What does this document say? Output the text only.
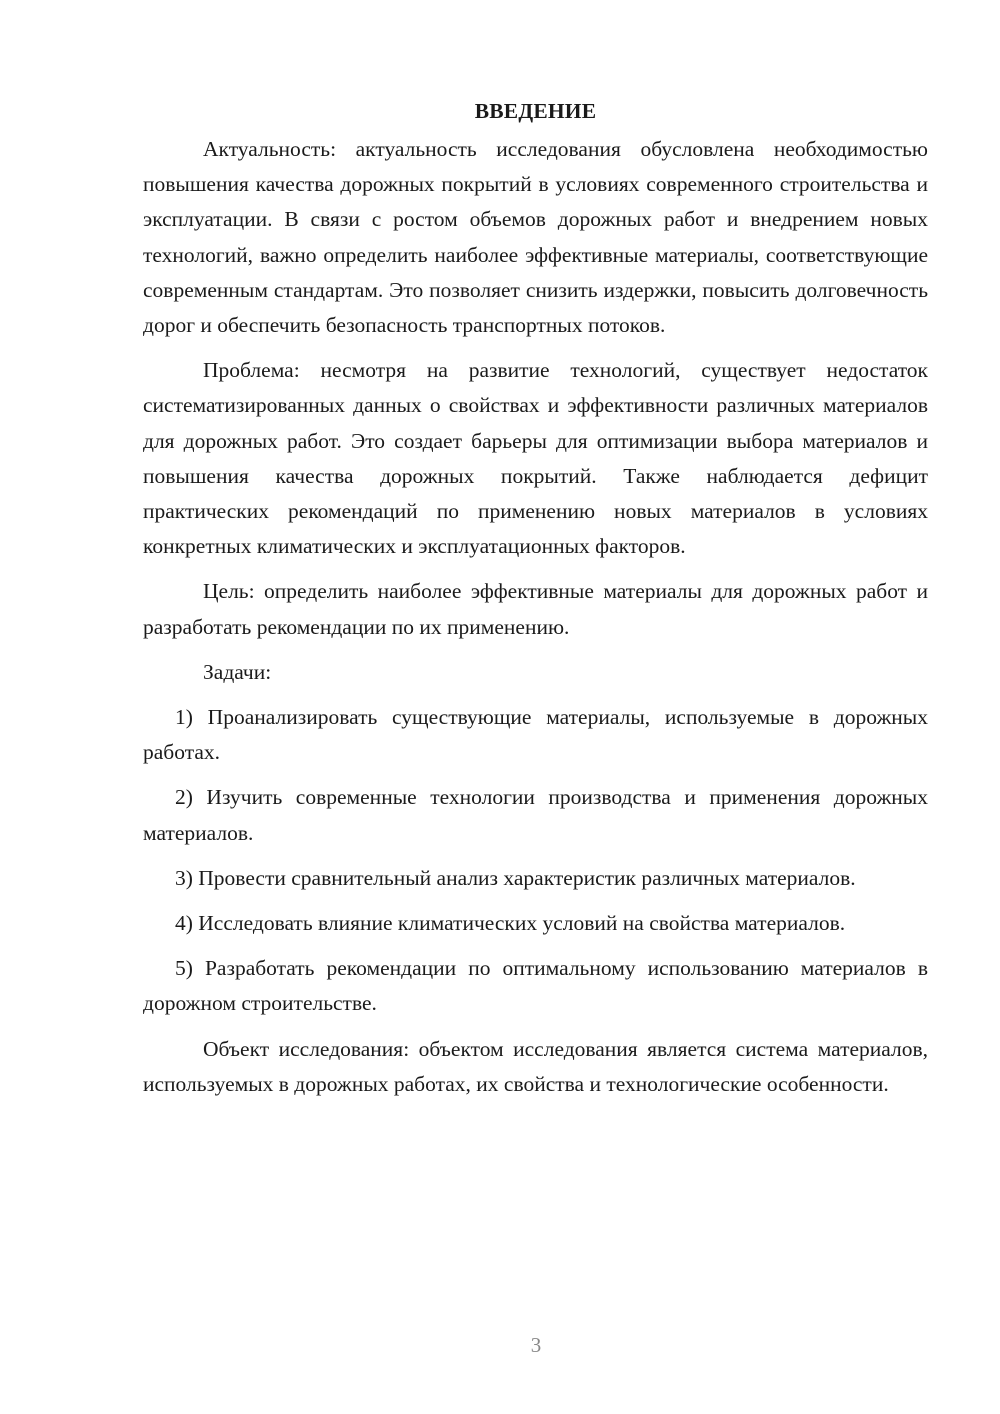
ВВЕДЕНИЕ

Актуальность: актуальность исследования обусловлена необходимостью повышения качества дорожных покрытий в условиях современного строительства и эксплуатации. В связи с ростом объемов дорожных работ и внедрением новых технологий, важно определить наиболее эффективные материалы, соответствующие современным стандартам. Это позволяет снизить издержки, повысить долговечность дорог и обеспечить безопасность транспортных потоков.

Проблема: несмотря на развитие технологий, существует недостаток систематизированных данных о свойствах и эффективности различных материалов для дорожных работ. Это создает барьеры для оптимизации выбора материалов и повышения качества дорожных покрытий. Также наблюдается дефицит практических рекомендаций по применению новых материалов в условиях конкретных климатических и эксплуатационных факторов.

Цель: определить наиболее эффективные материалы для дорожных работ и разработать рекомендации по их применению.

Задачи:

1) Проанализировать существующие материалы, используемые в дорожных работах.

2) Изучить современные технологии производства и применения дорожных материалов.

3) Провести сравнительный анализ характеристик различных материалов.

4) Исследовать влияние климатических условий на свойства материалов.

5) Разработать рекомендации по оптимальному использованию материалов в дорожном строительстве.

Объект исследования: объектом исследования является система материалов, используемых в дорожных работах, их свойства и технологические особенности.

3
